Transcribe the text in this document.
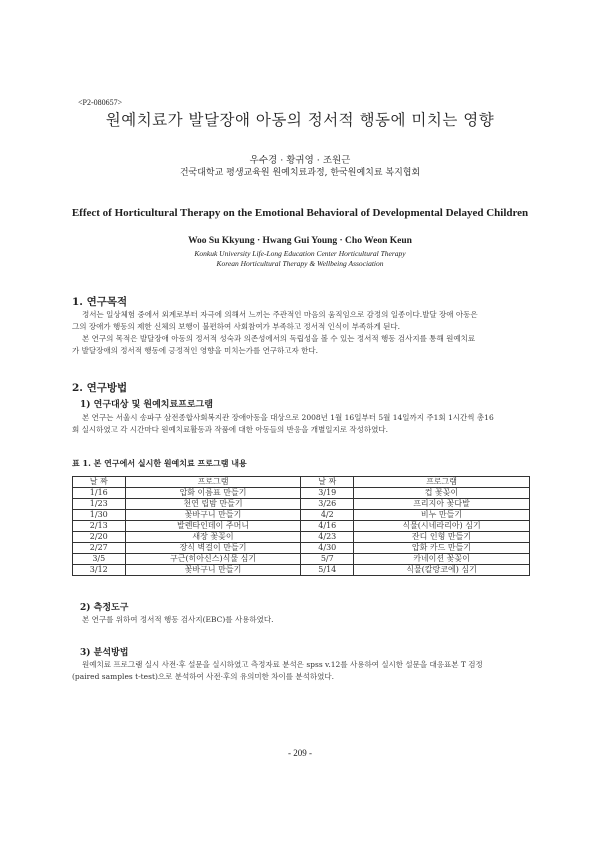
<P2-080657>
원예치료가 발달장애 아동의 정서적 행동에 미치는 영향
우수경 · 황귀영 · 조원근
건국대학교 평생교육원 원예치료과정, 한국원예치료 복지협회
Effect of Horticultural Therapy on the Emotional Behavioral of Developmental Delayed Children
Woo Su Kkyung · Hwang Gui Young · Cho Weon Keun
Konkuk University Life-Long Education Center Horticultural Therapy
Korean Horticultural Therapy & Wellbeing Association
1. 연구목적
정서는 일상체험 중에서 외계로부터 자극에 의해서 느끼는 주관적인 마음의 움직임으로 감정의 일종이다.발달 장애 아동은
그의 장애가 행동의 제한 신체의 보행이 불편하여 사회참여가 부족하고 정서적 인식이 부족하게 된다.
본 연구의 목적은 발달장애 아동의 정서적 성숙과 의존성에서의 독립성을 볼 수 있는 정서적 행동 검사지를 통해 원예치료
가 발달장애의 정서적 행동에 긍정적인 영향을 미치는가를 연구하고자 한다.
2. 연구방법
1) 연구대상 및 원예치료프로그램
본 연구는 서울시 송파구 삼전종합사회복지관 장애아동을 대상으로 2008년 1월 16일부터 5월 14일까지 주1회 1시간씩 총16
회 실시하였고 각 시간마다 원예치료활동과 작품에 대한 아동들의 반응을 개별일지로 작성하였다.
표 1. 본 연구에서 실시한 원예치료 프로그램 내용
날 짜	프로그램	날 짜	프로그램
1/16	압화 이름표 만들기	3/19	컵 꽃꽂이
1/23	천연 립밤 만들기	3/26	프리지아 꽃다발
1/30	꽃바구니 만들기	4/2	비누 만들기
2/13	발렌타인데이 주머니	4/16	식물(시네라리아) 심기
2/20	새장 꽃꽂이	4/23	잔디 인형 만들기
2/27	장식 벽걸이 만들기	4/30	압화 카드 만들기
3/5	구근(히아신스)식물 심기	5/7	카네이션 꽃꽂이
3/12	꽃바구니 만들기	5/14	식물(칼랑코에) 심기
2) 측정도구
본 연구를 위하여 정서적 행동 검사지(EBC)를 사용하였다.
3) 분석방법
원예치료 프로그램 실시 사전·후 설문을 실시하였고 측정자료 분석은 spss v.12를 사용하여 실시한 설문을 대응표본 T 검정
(paired samples t-test)으로 분석하여 사전·후의 유의미한 차이를 분석하였다.
- 209 -
